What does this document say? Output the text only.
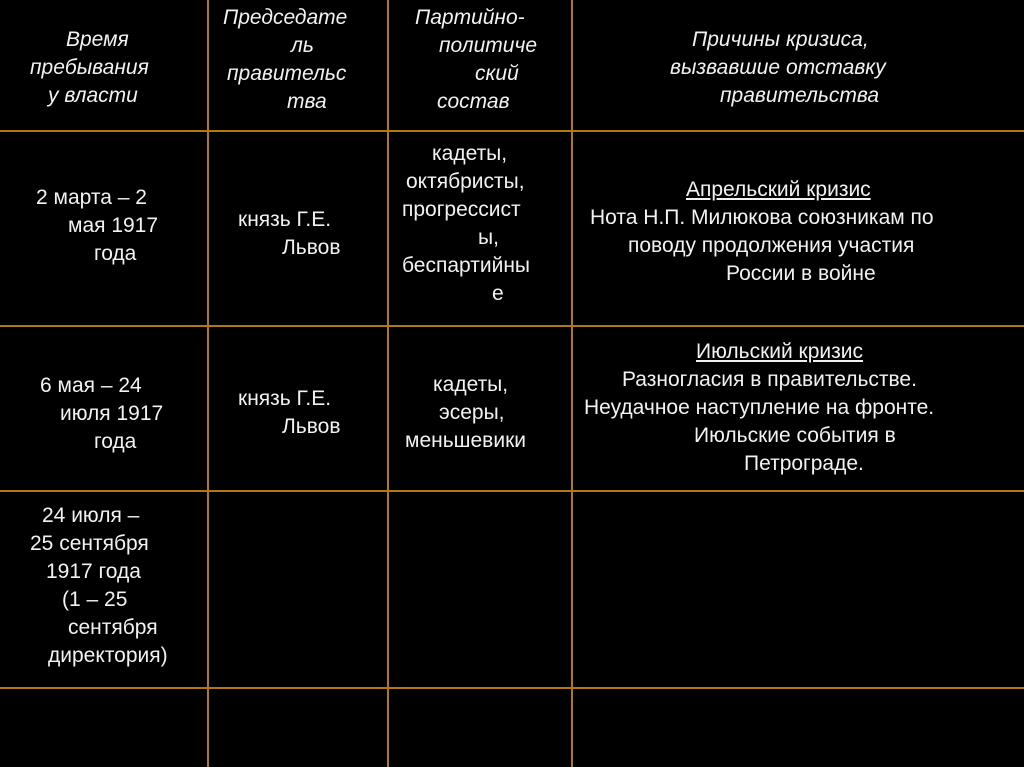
Время
пребывания
у власти
Председате
ль
правительс
тва
Партийно-
политиче
ский
состав
Причины кризиса,
вызвавшие отставку
правительства
2 марта – 2
мая 1917
года
князь Г.Е.
Львов
кадеты,
октябристы,
прогрессист
ы,
беспартийны
е
Апрельский кризис
Нота Н.П. Милюкова союзникам по
поводу продолжения участия
России в войне
6 мая – 24
июля 1917
года
князь Г.Е.
Львов
кадеты,
эсеры,
меньшевики
Июльский кризис
Разногласия в правительстве.
Неудачное наступление на фронте.
Июльские события в
Петрограде.
24 июля –
25 сентября
1917 года
(1 – 25
сентября
директория)
